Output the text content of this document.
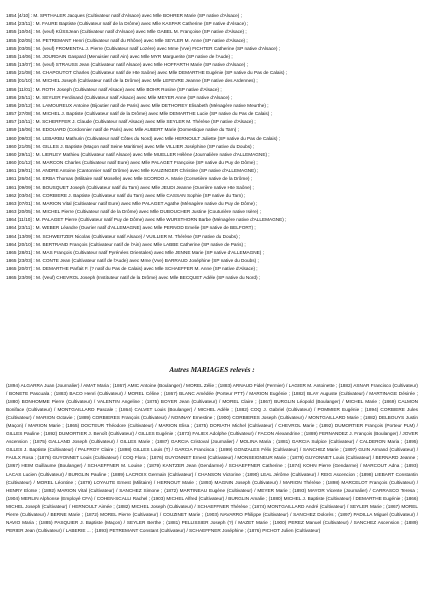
1854 [4/10] : M. SPITHALER Jacques (Cultivateur natif d'Alsace) avec Mlle BOHRER Marie (SP native d'Alsace) ;
1854 [23/11] : M. FAURE Baptiste (Cultivateur natif de la Drôme) avec Mlle KASPAR Catherine (SP native d'Alsace) ;
1855 [10/04] : M. (veuf) KÜSSJean (Cultivateur natif d'Alsace) avec Mlle GABEL M. Françoise (SP native d'Alsace) ;
1855 [02/05] : M. PETREMANT Henri (Cultivateur natif du Rhône) avec Mlle SEYLER M. Anne (SP native d'Alsace) ;
1855 [03/05] : M. (veuf) FROMENTAL J. Pierre (Cultivateur natif Lozère) avec Mme (Vve) FICHTER Catherine (SP native d'Alsace) ;
1855 [14/06] : M. JOURDAIN Gaspard (Menuisier natif Ain) avec Mlle MYR Marguerite (SP native de l'Aude) ;
1855 [13/07] : M. (veuf) STRAUSS Jean (Cultivateur natif Alsace) avec Mlle HOFFARTH Marie (SP native d'Alsace) ;
1855 [21/08] : M. CHAPOUTOT Charles (Cultivateur natif de Hte Saône) avec Mlle DEMARTHE Eugénie (SP native du Pas de Calais) ;
1855 [01/10] : M. MICHEL Joseph (Cultivateur natif de la Drôme) avec Mlle LEFEVRE Jeanne (SP native des Ardennes) ;
1856 [11/01] : M. ROTH Joseph (Cultivateur natif Alsace) avec Mlle BOHR Rosine (SP native d'Alsace) ;
1856 [25/11] : M. SEYLER Ferdinand (Cultivateur natif Alsace) avec Mlle MEYER Anne (SP native d'Alsace) ;
1856 [20/12] : M. LAMOUREUX Antoine (Bijoutier natif de Paris) avec Mlle DETHOREY Elisabeth (Ménagère native Meurthe) ;
1857 [27/08] : M. MICHEL J. Baptiste (Cultivateur natif de la Drôme) avec Mlle DEMARTHE Lucie (SP native du Pas de Calais) ;
1857 [10/11] : M. SCHERFFER J. Claude (Cultivateur natif Alsace) avec Mlle SEYLER M. Thérèse (SP native d'Alsace) ;
1859 [15/06] : M. EDOUARD (Cordonnier natif de Paris) avec Mlle AUBERT Marie (Domestique native du Tarn) ;
1860 [09/03] : M. LEBARBU Mathurin (Cultivateur natif Côtes du Nord) avec Mlle HERNOULT Juliette (SP native du Pas de Calais) ;
1860 [21/05] : M. GILLES J. Baptiste (Maçon natif Seine Maritime) avec Mlle VILLIER Joséphine (SP native du Doubs) ;
1860 [29/11] : M. LIERLEY Mathieu (Cultivateur natif Alsace) avec Mlle MUELLER Hélène (Journalière native d'ALLEMAGNE) ;
1860 [01/12] : M. MARCON Charles (Cultivateur natif Eure) avec Mlle PALAGET Françoise (SP native du Puy de Dôme) ;
1861 [29/01] : M. ANDRE Antoine (Cantonnier natif Drôme) avec Mlle KAUZINGER Christine (SP native d'ALLEMAGNE) ;
1861 [26/04] : M. ERBA Thomas (Militaire natif Moselle) avec Mlle SCORDO A. Marie (Corsetière native de la Drôme) ;
1861 [09/09] : M. BOUSQUET Joseph (Cultivateur natif du Tarn) avec Mlle JEUDI Jeanne (Ouvrière native Hte Saône) ;
1862 [03/04] : M. CORBIERE J. Baptiste (Cultivateur natif du Tarn) avec Mlle CASSAN Sophie (SP native du Tarn) ;
1863 [07/01] : M. MARION Vital (Cultivateur natif Eure) avec Mlle PALAGET Agathe (Ménagère native du Puy de Dôme) ;
1863 [20/05] : M. MICHEL Pierre (Cultivateur natif de la Drôme) avec Mlle DUBOUCHER Justine (Couturière native Isère) ;
1864 [11/10] : M. PALAGET Pierre (Cultivateur natif Puy de Dôme) avec Mlle WURSTHORN Barbe (Ménagère native d'ALLEMAGNE) ;
1864 [23/11] : M. WEBER Léandre (Ouvrier natif d'ALLEMAGNE) avec Mlle PERNOD Emelie (SP native de BELFORT) ;
1864 [13/09] : M. SCHWEITZER Nicolas (Cultivateur natif Alsace) / VUILLIER M. Thérèse (SP native du Doubs) ;
1864 [20/10] : M. BERTRAND François (Cultivateur natif de l'Ain) avec Mlle LABBE Catherine (SP native de Paris) ;
1865 [28/01] : M. MAS François (Cultivateur natif Pyrénées Orientales) avec Mlle JENNE Marie (SP native d'ALLEMAGNE) ;
1865 [23/03] : M. CONTE Jean (Cultivateur natif de l'Aude) avec Mme (Vve) BARRAUD Joséphine (SP native du Doubs) ;
1865 [20/07] : M. DEMARTHE Parfait F. (? natif du Pas de Calais) avec Mlle SCHAEFFER M. Anne (SP native d'Alsace) ;
1865 [23/09] : M. (Veuf) CHEVROL Joseph (Instituteur natif de la Drôme) avec Mlle BECQUET Adèle (SP native du Nord) ;
Autres MARIAGES relevés :
(1894) ALGARRA Juan (Journalier) / AMAT Maria ; (1867) AMIC Antoine (Boulanger) / MOREL Zélie ; (1883) ARNAUD Fidel (Fermier) / LAGIER M. Antoinette ; (1882) ASNAR Francisco (Cultivateur) / BONETE Pascuala ; (1883) BACO Henri (Cultivateur) / MOREL Céline ; (1867) BLANC Amédée (Porteur PTT) / MARION Eugénie ; (1882) BLAY Auguste (Cultivateur) / MARTINAGE Désirée ; (1880) BONHOMME Pierre (Cultivateur) / VALENTIN Angeline ; (1875) BOYER Jean (Cultivateur) / MOREL Claire ; (1867) BURGLIN Léopold (Boulanger) / MICHEL Marie ; (1869) CALMON Boniface (Cultivateur) / MONTGAILLARD Pascale ; (1864) CALVET Louis (Boulanger) / MICHEL Adèle ; (1882) COQ J. Gabriel (Cultivateur) / POMMIER Eugénie ; (1894) CORBIERE Jules (Cultivateur) / MARION Octavie ; (1889) CORBIERES François (Cultivateur) / NONNAY Ernestine ; (1900) CORBIERES Joseph (Cultivateur) / MONTGAILLARD Marie ; (1882) DELBOUYS Justin (Maçon) / MARION Marie ; (1865) DOCTEUR Théodore (Cultivateur) / MARION Elisa ; (1875) DORIATH Michel (Cultivateur) / CHEVROL Marie ; (1892) DUMORTIER François (Porteur PLM) / GILLES Pauline ; (1892) DUMORTIER J. Benoît (Cultivateur) / GILLES Eugénie ; (1873) FALIEX Adolphe (Cultivateur) / FACON Alexandrine ; (1889) FERNANDEZ J. François (Boulanger) / JOVER Ascension ; (1875) GALLAND Joseph (Cultivateur) / GILLES Marie ; (1887) GARCIA Cristoval (Journalier) / MOLINA Maria ; (1881) GARCIA Sulpice (Cultivateur) / CALDERON Maria ; (1895) GILLES J. Baptiste (Cultivateur) / PALFROY Claire ; (1898) GILLES Louis (T) / GARCIA Francisca ; (1899) GONZALES Félix (Cultivateur) / SANCHEZ Marie ; (1897) GUIN Armand (Cultivateur) / FAULX Rosa ; (1876) GUYONNET Louis (Cultivateur) / COQ Flora ; (1876) GUYONNET Ernest (Cultivateur) / MONSEIGNEUR Marie ; (1879) GUYONNET Louis (Cultivateur) / BERNARD Jeanne ; (1867) HEIM Guillaume (Boulanger) / SCHAEFFNER M. Louise ; (1879) KANTZER Jean (Gendarme) / SCHAEFFNER Catherine ; (1874) KOHN Pierre (Gendarme) / MARCOUT Adna ; (1893) LACAS Lucien (Cultivateur) / BURGLIN Pauline ; (1889) LACROIX Germain (Cultivateur) / CHANSON Victorine ; (1890) LEAL Jérôme (Cultivateur) / REIG Ascencion ; (1898) LIEBART Constantin (Cultivateur) / MOREL Léontine ; (1879) LOYAUTE Ernest (Militaire) / HERNOUT Marie ; (1893) MAGNIN Joseph (Cultivateur) / MARION Thérèse ; (1898) MARCELOT François (Cultivateur) / HENRY Eloïse ; (1892) MARION Vital (Cultivateur) / SANCHEZ Simone ; (1872) MARTINEAU Eugène (Cultivateur) / MEYER Marie ; (1893) MAYOR Vicente (Journalier) / CARRASCO Teresa ; (1904) MERLIN Alphonse (Employé CFA) / COHEN-SCALLI Rachel ; (1903) MICHEL Alfred (Cultivateur) / BURGLIN Amalie ; (1880) MICHEL J. Baptiste (Cultivateur) / DEMARTHE Eugénie ; (1866) MICHEL Joseph (Cultivateur) / HERNOULT Aimée ; (1882) MICHEL Joseph (Cultivateur) / SCHAEFFNER Thérèse ; (1874) MONTGAILLARD André (Cultivateur) / SEYLER Marie ; (1867) MOREL Pierre (Cultivateur) / BERNE Marie ; (1872) MOREL Pierre (Cultivateur) / COUZINET Marie ; (1903) NAVARRO Philippe (Cultivateur) / SANCHEZ Dolorès ; (1897) PADILLA Miguel (Cultivateur) / NAVIO Maria ; (1885) PASQUIER J. Baptiste (Maçon) / SEYLER Berthe ; (1881) PELLISSIER Joseph (?) / MAZET Marie ; (1900) PEREZ Manuel (Cultivateur) / SANCHEZ Ascension ; (1889) PERIER Jean (Cultivateur) / LABERIE ... ; (1893) PETREMANT Constant (Cultivateur) / SCHAEFFNER Joséphine ; (1876) PICHOT Julien (Cultivateur)
